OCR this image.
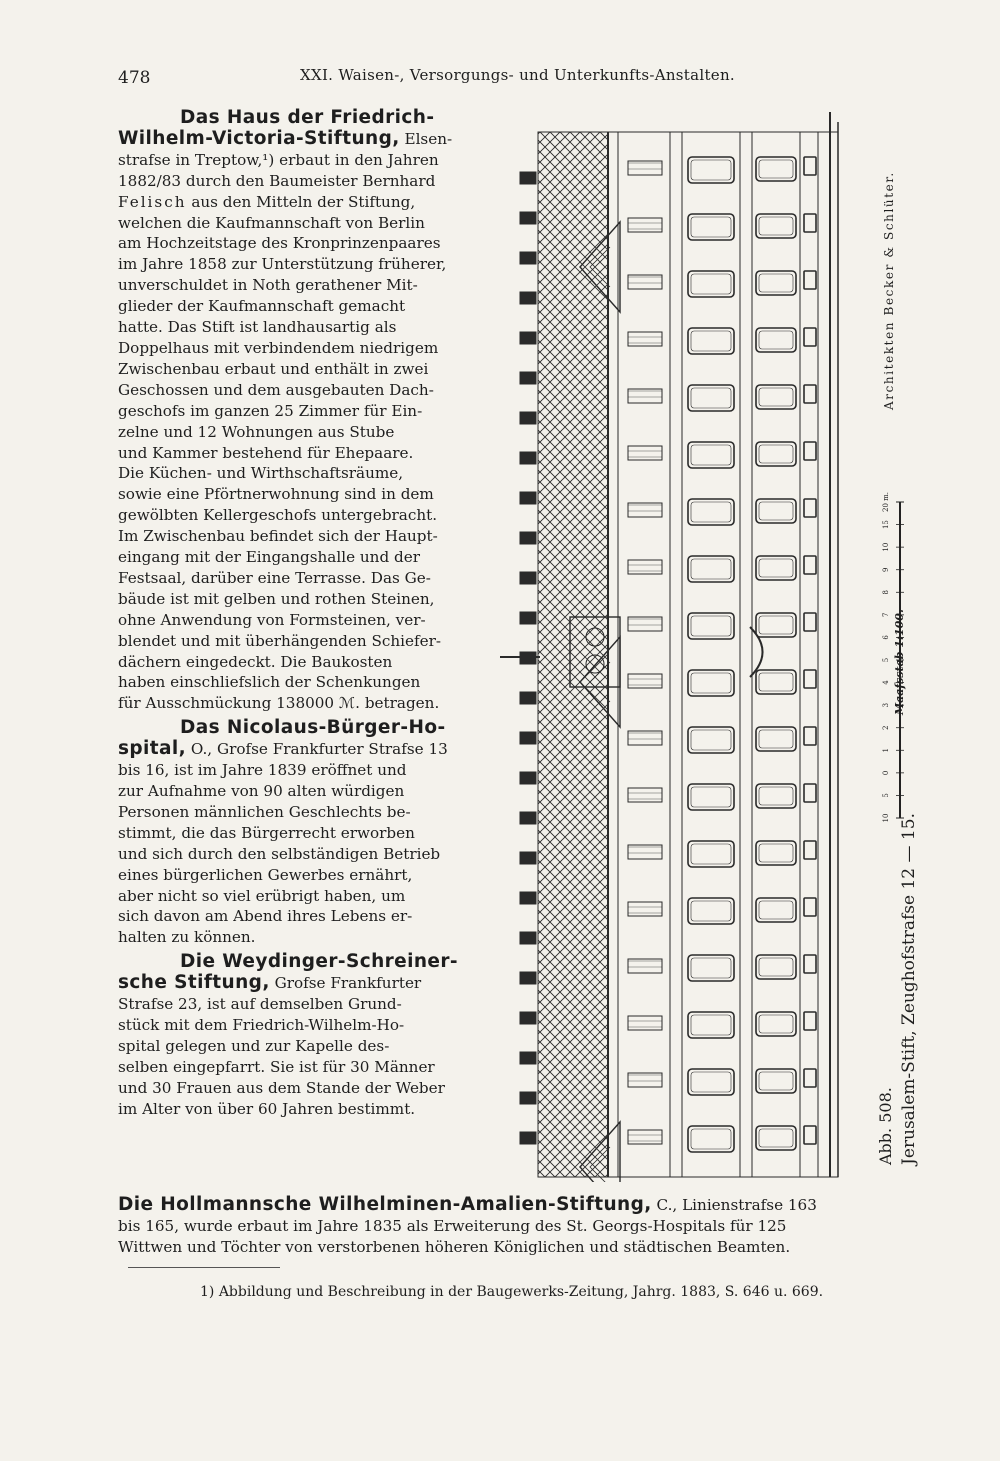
478	XXI. Waisen-, Versorgungs- und Unterkunfts-Anstalten.

Das Haus der Friedrich-
Wilhelm-Victoria-Stiftung, Elsen-
strafse in Treptow,¹) erbaut in den Jahren
1882/83 durch den Baumeister Bernhard
Felisch aus den Mitteln der Stiftung,
welchen die Kaufmannschaft von Berlin
am Hochzeitstage des Kronprinzenpaares
im Jahre 1858 zur Unterstützung früherer,
unverschuldet in Noth gerathener Mit-
glieder der Kaufmannschaft gemacht
hatte. Das Stift ist landhausartig als
Doppelhaus mit verbindendem niedrigem
Zwischenbau erbaut und enthält in zwei
Geschossen und dem ausgebauten Dach-
geschofs im ganzen 25 Zimmer für Ein-
zelne und 12 Wohnungen aus Stube
und Kammer bestehend für Ehepaare.
Die Küchen- und Wirthschaftsräume,
sowie eine Pförtnerwohnung sind in dem
gewölbten Kellergeschofs untergebracht.
Im Zwischenbau befindet sich der Haupt-
eingang mit der Eingangshalle und der
Festsaal, darüber eine Terrasse. Das Ge-
bäude ist mit gelben und rothen Steinen,
ohne Anwendung von Formsteinen, ver-
blendet und mit überhängenden Schiefer-
dächern eingedeckt. Die Baukosten
haben einschliefslich der Schenkungen
für Ausschmückung 138000 ℳ. betragen.

Das Nicolaus-Bürger-Ho-
spital, O., Grofse Frankfurter Strafse 13
bis 16, ist im Jahre 1839 eröffnet und
zur Aufnahme von 90 alten würdigen
Personen männlichen Geschlechts be-
stimmt, die das Bürgerrecht erworben
und sich durch den selbständigen Betrieb
eines bürgerlichen Gewerbes ernährt,
aber nicht so viel erübrigt haben, um
sich davon am Abend ihres Lebens er-
halten zu können.

Die Weydinger-Schreiner-
sche Stiftung, Grofse Frankfurter
Strafse 23, ist auf demselben Grund-
stück mit dem Friedrich-Wilhelm-Ho-
spital gelegen und zur Kapelle des-
selben eingepfarrt. Sie ist für 30 Männer
und 30 Frauen aus dem Stande der Weber
im Alter von über 60 Jahren bestimmt.

Architekten Becker & Schlüter.
Abb. 508. Jerusalem-Stift, Zeughofstrafse 12 — 15.
10
5
0
1
2
3
4
5
6
7
8
9
10
15
20 m.
Maafsstab 1:100.

Die Hollmannsche Wilhelminen-Amalien-Stiftung, C., Linienstrafse 163
bis 165, wurde erbaut im Jahre 1835 als Erweiterung des St. Georgs-Hospitals für 125
Wittwen und Töchter von verstorbenen höheren Königlichen und städtischen Beamten.

1) Abbildung und Beschreibung in der Baugewerks-Zeitung, Jahrg. 1883, S. 646 u. 669.
